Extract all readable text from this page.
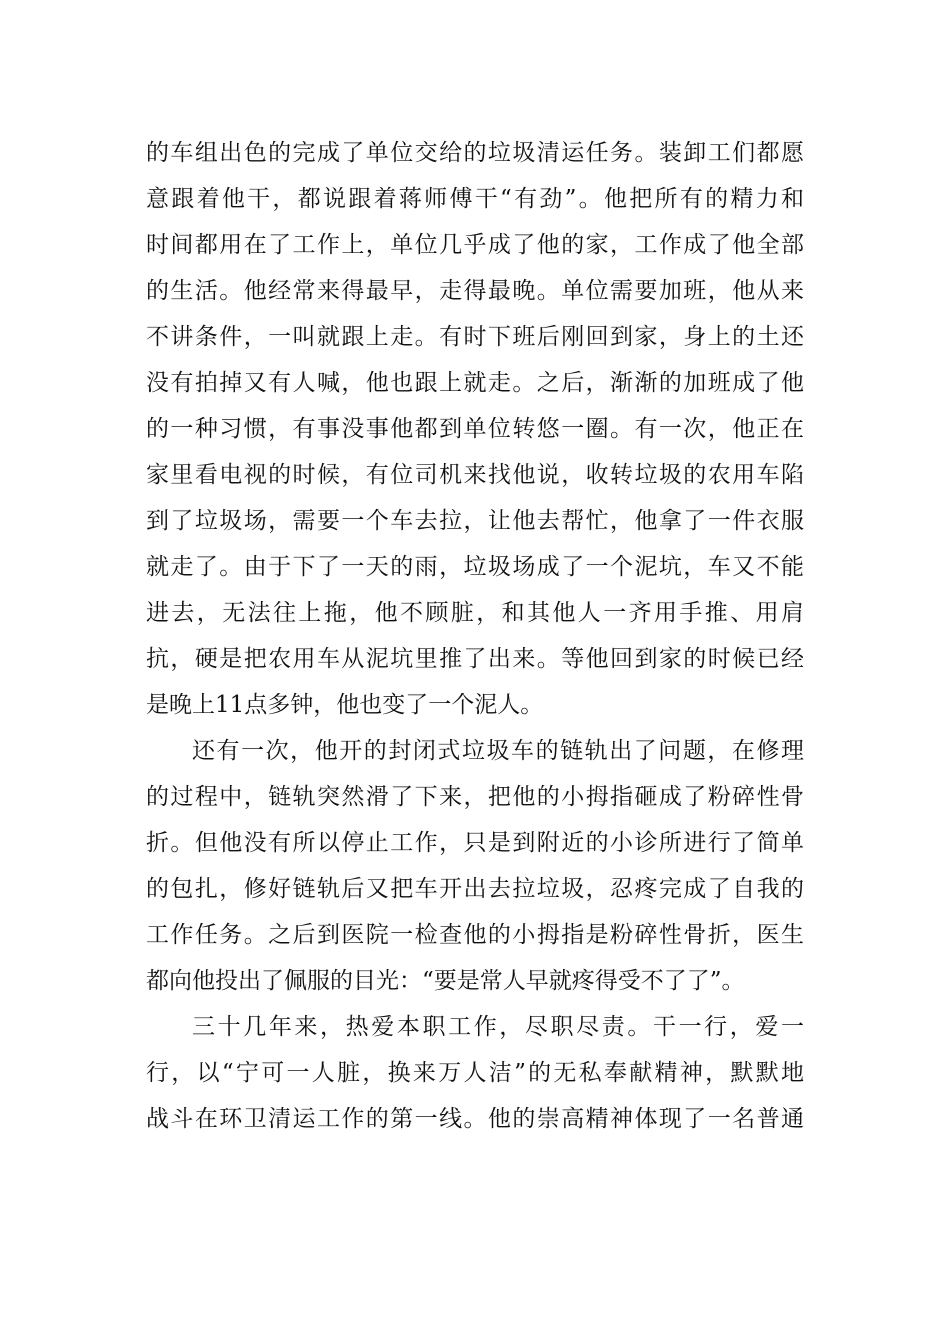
的车组出色的完成了单位交给的垃圾清运任务。装卸工们都愿
意跟着他干，都说跟着蒋师傅干“有劲”。他把所有的精力和
时间都用在了工作上，单位几乎成了他的家，工作成了他全部
的生活。他经常来得最早，走得最晚。单位需要加班，他从来
不讲条件，一叫就跟上走。有时下班后刚回到家，身上的土还
没有拍掉又有人喊，他也跟上就走。之后，渐渐的加班成了他
的一种习惯，有事没事他都到单位转悠一圈。有一次，他正在
家里看电视的时候，有位司机来找他说，收转垃圾的农用车陷
到了垃圾场，需要一个车去拉，让他去帮忙，他拿了一件衣服
就走了。由于下了一天的雨，垃圾场成了一个泥坑，车又不能
进去，无法往上拖，他不顾脏，和其他人一齐用手推、用肩
抗，硬是把农用车从泥坑里推了出来。等他回到家的时候已经
是晚上11点多钟，他也变了一个泥人。
还有一次，他开的封闭式垃圾车的链轨出了问题，在修理
的过程中，链轨突然滑了下来，把他的小拇指砸成了粉碎性骨
折。但他没有所以停止工作，只是到附近的小诊所进行了简单
的包扎，修好链轨后又把车开出去拉垃圾，忍疼完成了自我的
工作任务。之后到医院一检查他的小拇指是粉碎性骨折，医生
都向他投出了佩服的目光：“要是常人早就疼得受不了了”。
三十几年来，热爱本职工作，尽职尽责。干一行，爱一
行，以“宁可一人脏，换来万人洁”的无私奉献精神，默默地
战斗在环卫清运工作的第一线。他的崇高精神体现了一名普通
